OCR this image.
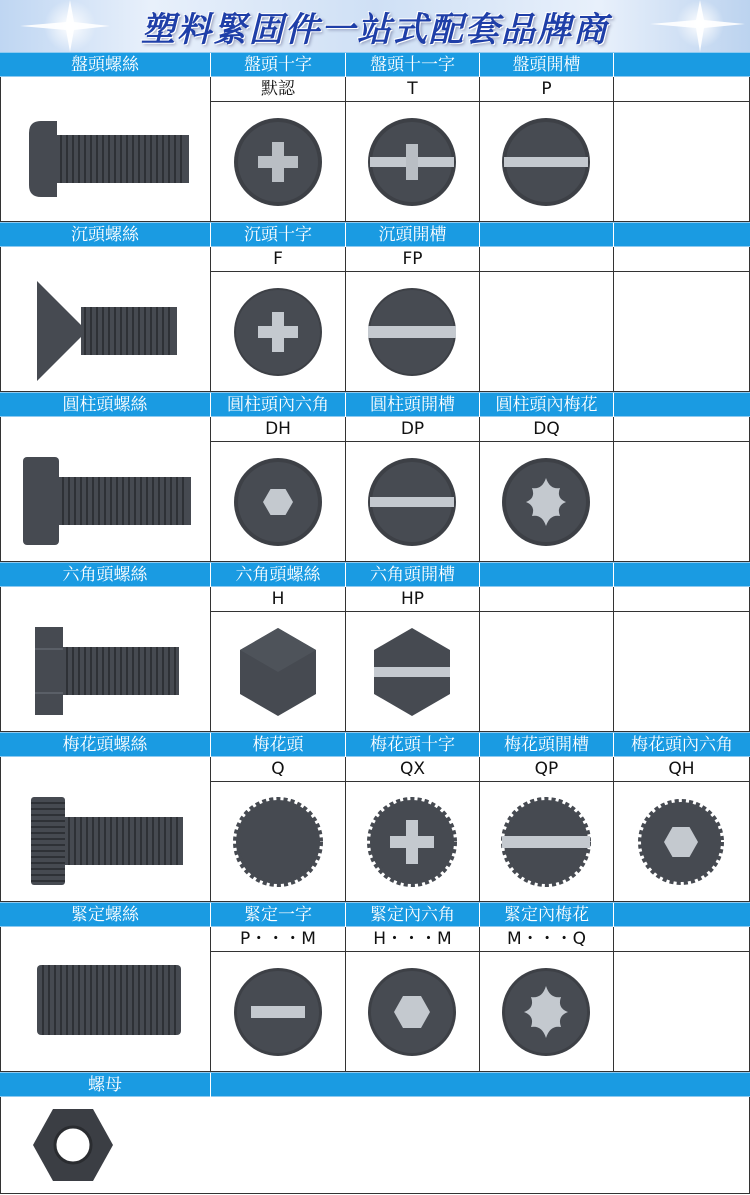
塑料緊固件一站式配套品牌商
盤頭螺絲	盤頭十字	盤頭十一字	盤頭開槽
默認	T	P
沉頭螺絲	沉頭十字	沉頭開槽
F	FP
圓柱頭螺絲	圓柱頭內六角	圓柱頭開槽	圓柱頭內梅花
DH	DP	DQ
六角頭螺絲	六角頭螺絲	六角頭開槽
H	HP
梅花頭螺絲	梅花頭	梅花頭十字	梅花頭開槽	梅花頭內六角
Q	QX	QP	QH
緊定螺絲	緊定一字	緊定內六角	緊定內梅花
P・・・M	H・・・M	M・・・Q
螺母
